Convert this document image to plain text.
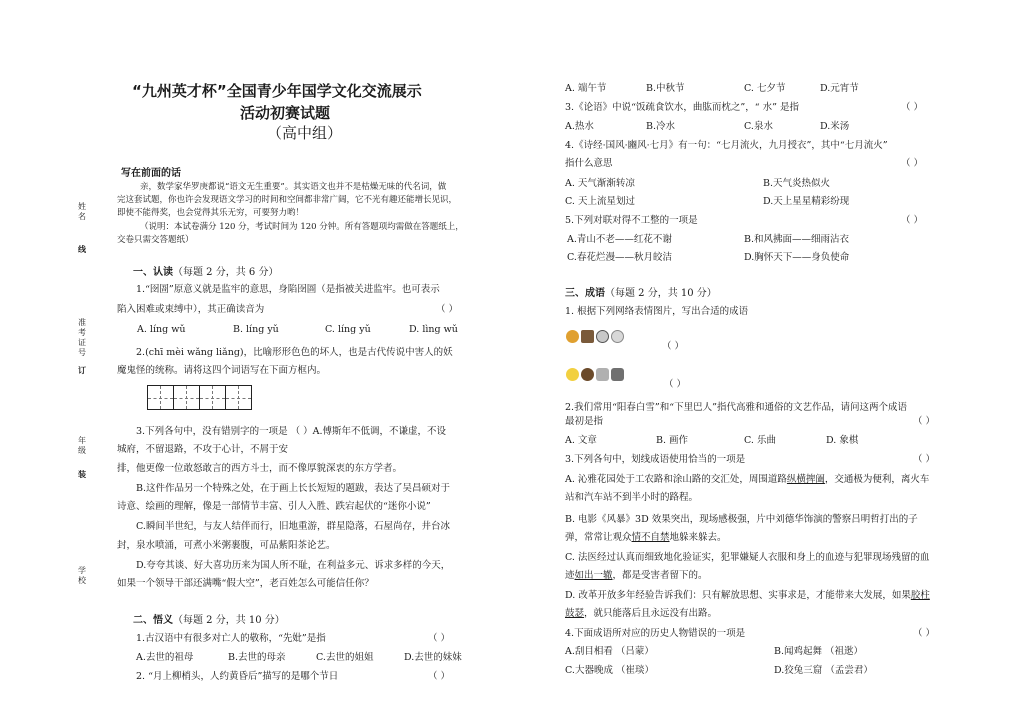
“九州英才杯”全国青少年国学文化交流展示
活动初赛试题
（高中组）
姓名
线
准考证号
订
年级
装
学校
写在前面的话
亲，数学家华罗庚都说“语文无生重要”。其实语文也并不是枯燥无味的代名词，做
完这套试题，你也许会发现语文学习的时间和空间都非常广阔，它不光有趣还能增长见识，
即使不能得奖，也会觉得其乐无穷，可要努力哟！
（说明：本试卷满分 120 分，考试时间为 120 分钟。所有答题项均需做在答题纸上，
交卷只需交答题纸）
一、认读（每题 2 分，共 6 分）
1.“囹圄”原意义就是监牢的意思，身陷囹圄（是指被关进监牢。也可表示
陷入困难或束缚中），其正确读音为	（ ）
A. líng wǔ	B. líng yǔ	C. líng yǔ	D. lìng wǔ
2.(chī mèi wǎng liǎng)，比喻形形色色的坏人，也是古代传说中害人的妖
魔鬼怪的统称。请将这四个词语写在下面方框内。
3.下列各句中，没有错别字的一项是 （ ）A.傅斯年不低调，不谦虚，不设
城府，不留退路，不攻于心计，不屑于安
排，他更像一位敢怒敢言的西方斗士，而不像厚貌深衷的东方学者。
B.这件作品另一个特殊之处，在于画上长长短短的题跋，表达了吴昌硕对于
诗意、绘画的理解，像是一部情节丰富、引人入胜、跌宕起伏的“迷你小说”
C.瞬间半世纪，与友人结伴而行，旧地重游，群星隐落，石屋尚存，井台冰
封，泉水喷涌，可煮小米粥裹腹，可品紫阳茶论艺。
D.夸夸其谈、好大喜功历来为国人所不耻，在利益多元、诉求多样的今天，
如果一个领导干部还满嘴“假大空”，老百姓怎么可能信任你？
二、悟义（每题 2 分，共 10 分）
1.古汉语中有很多对亡人的敬称，“先妣”是指	（ ）
A.去世的祖母	B.去世的母亲	C.去世的姐姐	D.去世的妹妹
2. “月上柳梢头，人约黄昏后”描写的是哪个节日	（ ）
A. 端午节	B.中秋节	C. 七夕节	D.元宵节
3.《论语》中说“饭疏食饮水，曲肱而枕之”，“ 水” 是指	（ ）
A.热水	B.冷水	C.泉水	D.米汤
4.《诗经·国风·豳风·七月》有一句：“七月流火，九月授衣”，其中“七月流火”
指什么意思	（ ）
A. 天气渐渐转凉	B.天气炎热似火
C. 天上流星划过	D.天上星星精彩纷现
5.下列对联对得不工整的一项是	（ ）
A.青山不老——红花不谢	B.和风拂面——细雨沾衣
C.春花烂漫——秋月皎洁	D.胸怀天下——身负使命
三、成语（每题 2 分，共 10 分）
1. 根据下列网络表情图片，写出合适的成语
（ ）
（ ）
2.我们常用“阳春白雪”和“下里巴人”指代高雅和通俗的文艺作品，请问这两个成语
最初是指	（ ）
A. 文章	B. 画作	C. 乐曲	D. 象棋
3.下列各句中，划线成语使用恰当的一项是	（ ）
A. 沁雅花园处于工农路和涂山路的交汇处，周围道路纵横捭阖，交通极为便利，离火车
站和汽车站不到半小时的路程。
B. 电影《风暴》3D 效果突出，现场感极强，片中刘德华饰演的警察吕明哲打出的子
弹，常常让观众情不自禁地躲来躲去。
C. 法医经过认真而细致地化验证实，犯罪嫌疑人衣服和身上的血迹与犯罪现场残留的血
迹如出一辙，都是受害者留下的。
D. 改革开放多年经验告诉我们：只有解放思想、实事求是，才能带来大发展，如果胶柱
鼓瑟，就只能落后且永远没有出路。
4.下面成语所对应的历史人物错误的一项是	（ ）
A.刮目相看 （吕蒙）	B.闻鸡起舞 （祖逖）
C.大器晚成 （崔琰）	D.狡兔三窟 （孟尝君）
